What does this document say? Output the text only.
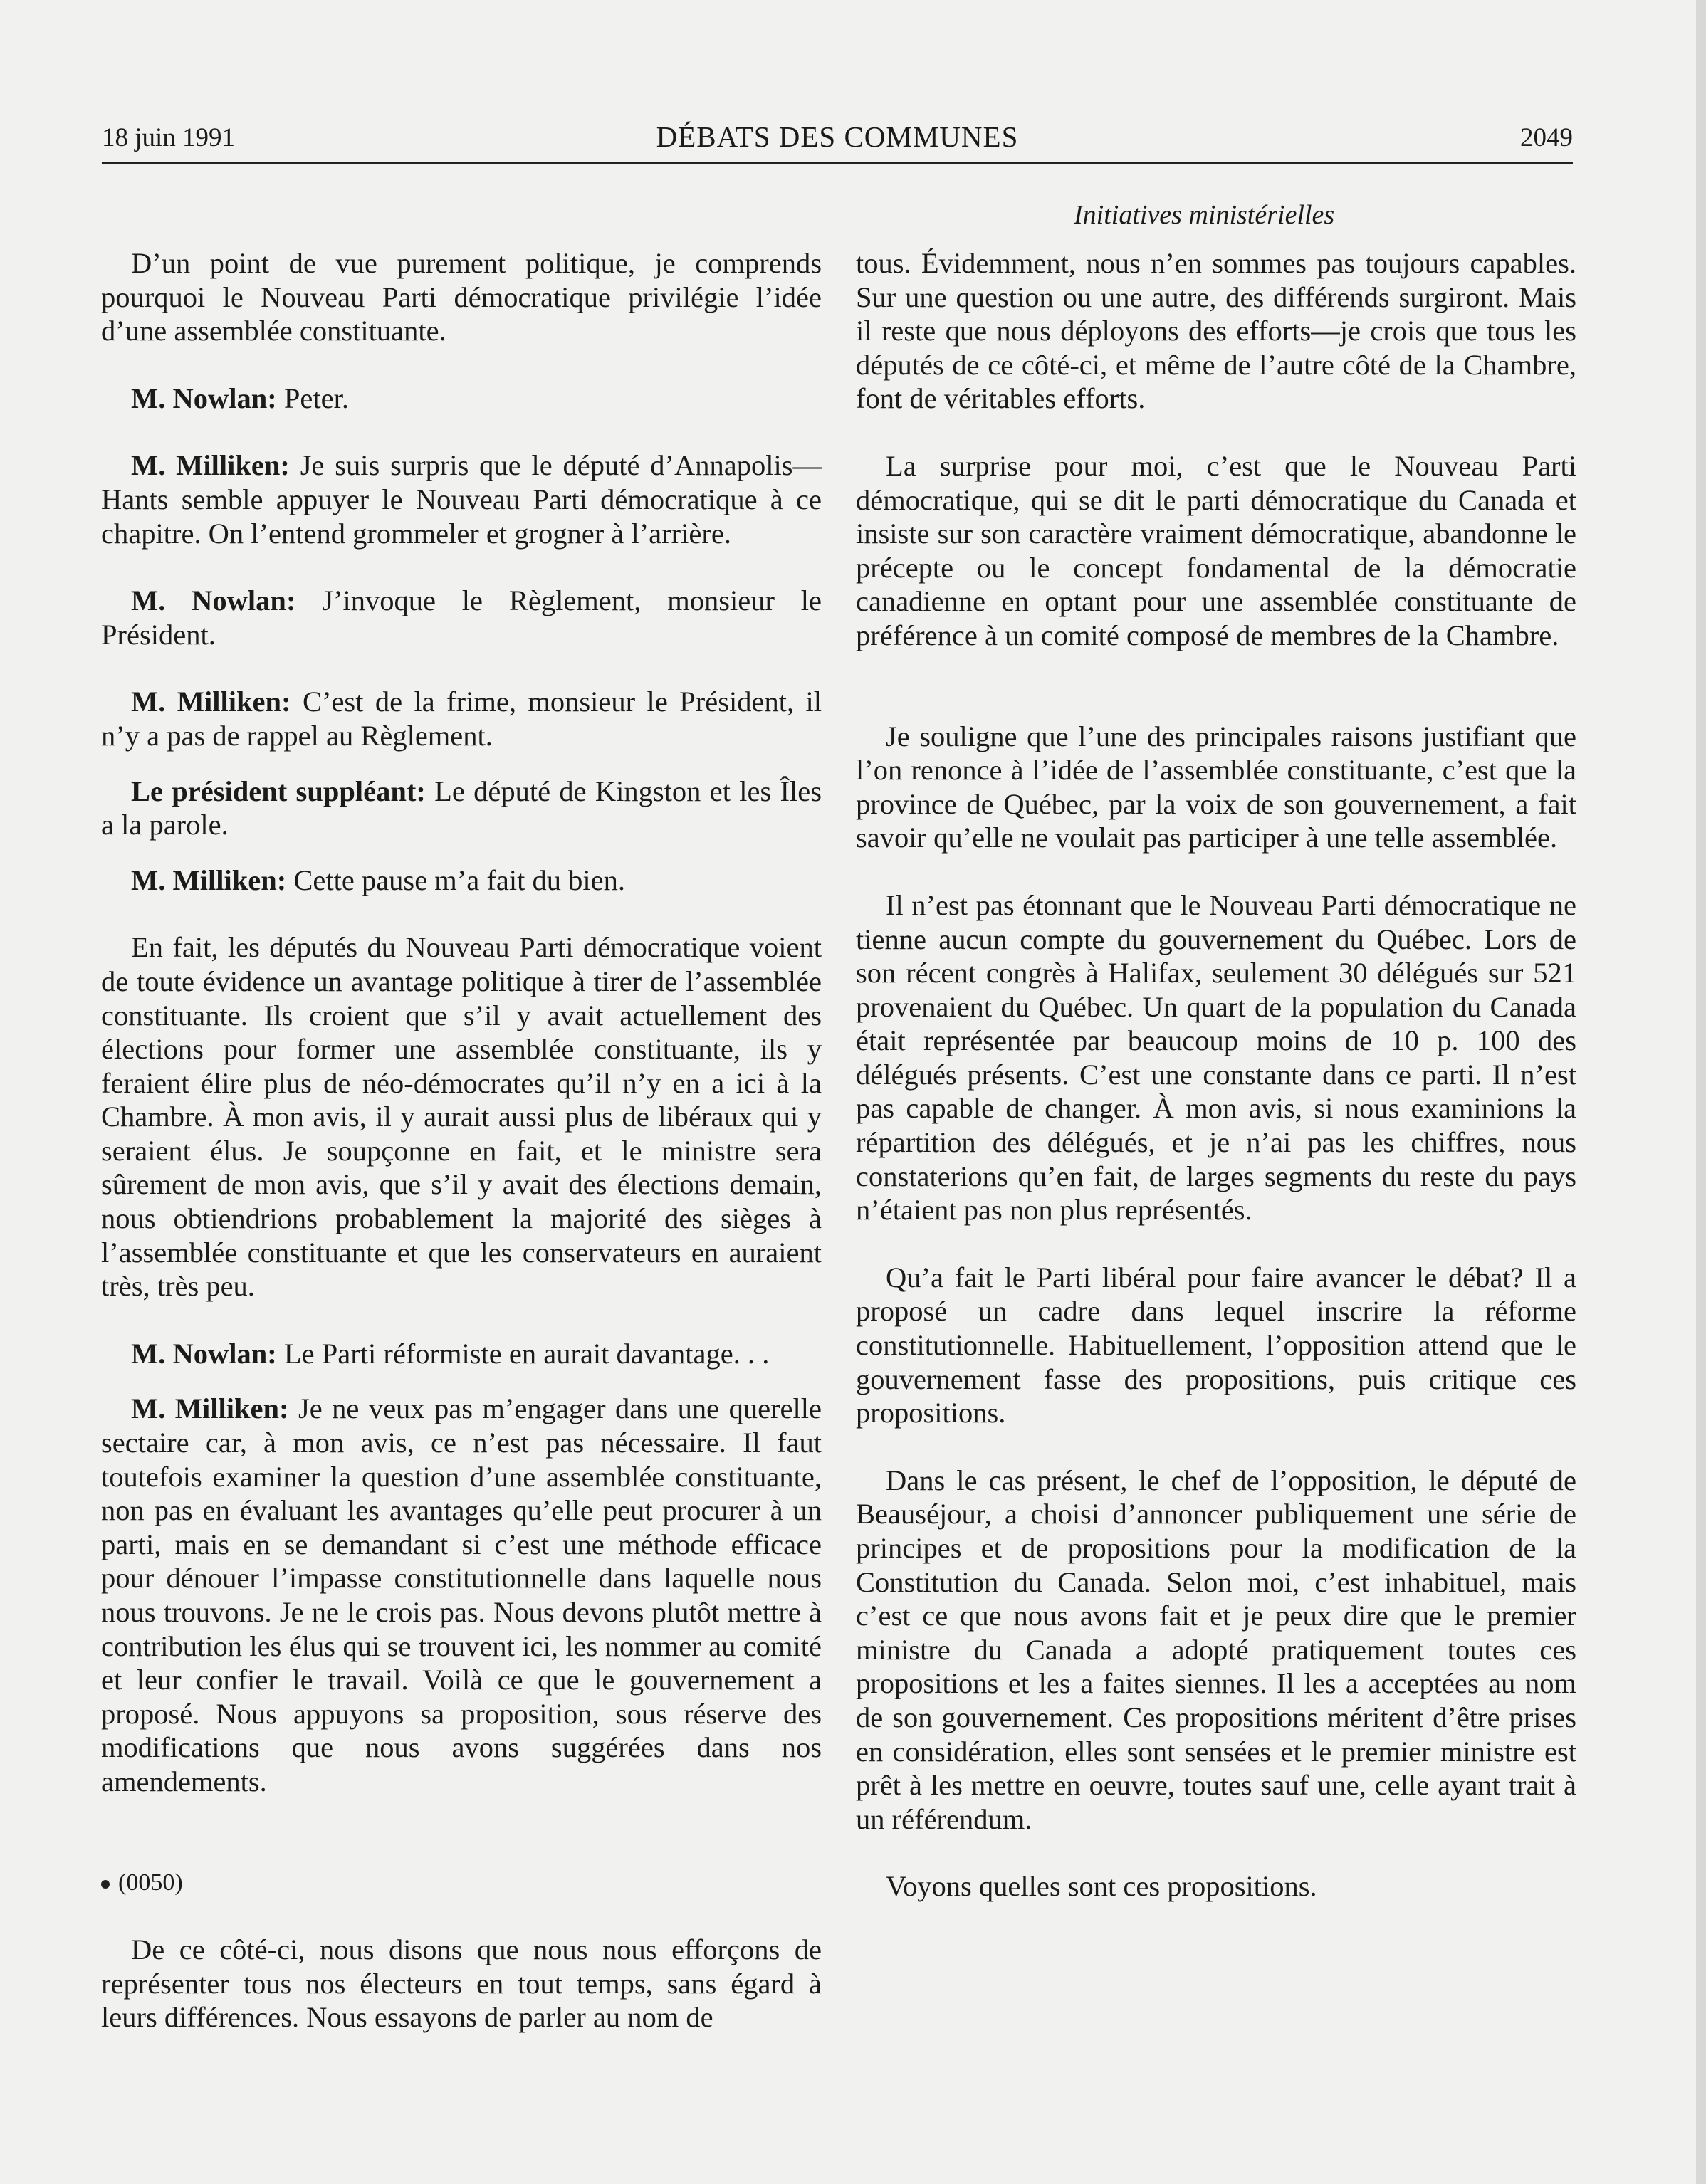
18 juin 1991	DÉBATS DES COMMUNES	2049
Initiatives ministérielles

D’un point de vue purement politique, je comprends pourquoi le Nouveau Parti démocratique privilégie l’idée d’une assemblée constituante.

M. Nowlan: Peter.

M. Milliken: Je suis surpris que le député d’Annapolis—Hants semble appuyer le Nouveau Parti démocratique à ce chapitre. On l’entend grommeler et grogner à l’arrière.

M. Nowlan: J’invoque le Règlement, monsieur le Président.

M. Milliken: C’est de la frime, monsieur le Président, il n’y a pas de rappel au Règlement.

Le président suppléant: Le député de Kingston et les Îles a la parole.

M. Milliken: Cette pause m’a fait du bien.

En fait, les députés du Nouveau Parti démocratique voient de toute évidence un avantage politique à tirer de l’assemblée constituante. Ils croient que s’il y avait actuellement des élections pour former une assemblée constituante, ils y feraient élire plus de néo-démocrates qu’il n’y en a ici à la Chambre. À mon avis, il y aurait aussi plus de libéraux qui y seraient élus. Je soupçonne en fait, et le ministre sera sûrement de mon avis, que s’il y avait des élections demain, nous obtiendrions probablement la majorité des sièges à l’assemblée constituante et que les conservateurs en auraient très, très peu.

M. Nowlan: Le Parti réformiste en aurait davantage. . .

M. Milliken: Je ne veux pas m’engager dans une querelle sectaire car, à mon avis, ce n’est pas nécessaire. Il faut toutefois examiner la question d’une assemblée constituante, non pas en évaluant les avantages qu’elle peut procurer à un parti, mais en se demandant si c’est une méthode efficace pour dénouer l’impasse constitutionnelle dans laquelle nous nous trouvons. Je ne le crois pas. Nous devons plutôt mettre à contribution les élus qui se trouvent ici, les nommer au comité et leur confier le travail. Voilà ce que le gouvernement a proposé. Nous appuyons sa proposition, sous réserve des modifications que nous avons suggérées dans nos amendements.

(0050)

De ce côté-ci, nous disons que nous nous efforçons de représenter tous nos électeurs en tout temps, sans égard à leurs différences. Nous essayons de parler au nom de

tous. Évidemment, nous n’en sommes pas toujours capables. Sur une question ou une autre, des différends surgiront. Mais il reste que nous déployons des efforts—je crois que tous les députés de ce côté-ci, et même de l’autre côté de la Chambre, font de véritables efforts.

La surprise pour moi, c’est que le Nouveau Parti démocratique, qui se dit le parti démocratique du Canada et insiste sur son caractère vraiment démocratique, abandonne le précepte ou le concept fondamental de la démocratie canadienne en optant pour une assemblée constituante de préférence à un comité composé de membres de la Chambre.

Je souligne que l’une des principales raisons justifiant que l’on renonce à l’idée de l’assemblée constituante, c’est que la province de Québec, par la voix de son gouvernement, a fait savoir qu’elle ne voulait pas participer à une telle assemblée.

Il n’est pas étonnant que le Nouveau Parti démocratique ne tienne aucun compte du gouvernement du Québec. Lors de son récent congrès à Halifax, seulement 30 délégués sur 521 provenaient du Québec. Un quart de la population du Canada était représentée par beaucoup moins de 10 p. 100 des délégués présents. C’est une constante dans ce parti. Il n’est pas capable de changer. À mon avis, si nous examinions la répartition des délégués, et je n’ai pas les chiffres, nous constaterions qu’en fait, de larges segments du reste du pays n’étaient pas non plus représentés.

Qu’a fait le Parti libéral pour faire avancer le débat? Il a proposé un cadre dans lequel inscrire la réforme constitutionnelle. Habituellement, l’opposition attend que le gouvernement fasse des propositions, puis critique ces propositions.

Dans le cas présent, le chef de l’opposition, le député de Beauséjour, a choisi d’annoncer publiquement une série de principes et de propositions pour la modification de la Constitution du Canada. Selon moi, c’est inhabituel, mais c’est ce que nous avons fait et je peux dire que le premier ministre du Canada a adopté pratiquement toutes ces propositions et les a faites siennes. Il les a acceptées au nom de son gouvernement. Ces propositions méritent d’être prises en considération, elles sont sensées et le premier ministre est prêt à les mettre en oeuvre, toutes sauf une, celle ayant trait à un référendum.

Voyons quelles sont ces propositions.
